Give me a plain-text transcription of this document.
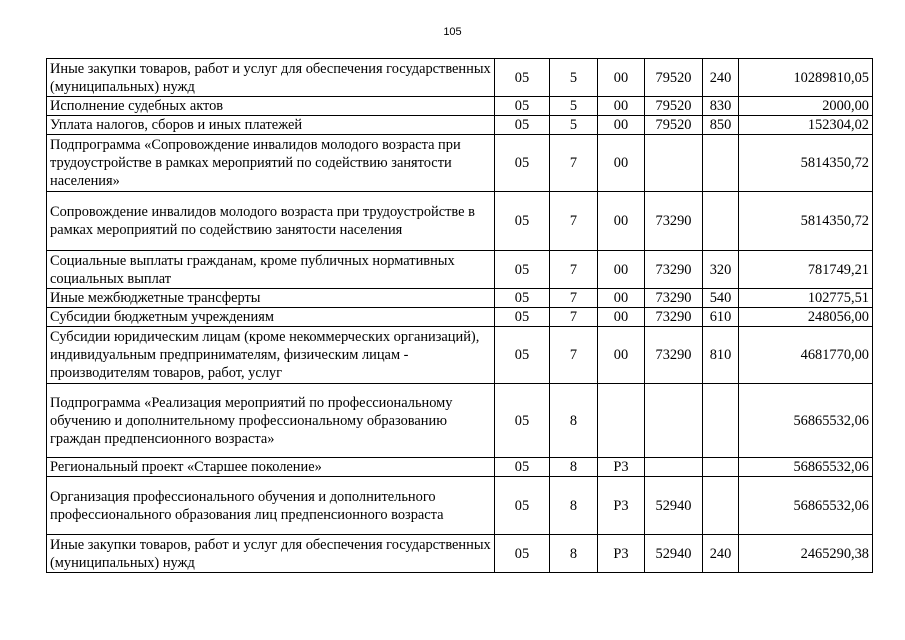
105
Иные закупки товаров, работ и услуг для обеспечения государственных (муниципальных) нужд	05	5	00	79520	240	10289810,05
Исполнение судебных актов	05	5	00	79520	830	2000,00
Уплата налогов, сборов и иных платежей	05	5	00	79520	850	152304,02
Подпрограмма «Сопровождение инвалидов молодого возраста при трудоустройстве в рамках мероприятий по содействию занятости населения»	05	7	00			5814350,72
Сопровождение инвалидов молодого возраста при трудоустройстве в рамках мероприятий по содействию занятости населения	05	7	00	73290		5814350,72
Социальные выплаты гражданам, кроме публичных нормативных социальных выплат	05	7	00	73290	320	781749,21
Иные межбюджетные трансферты	05	7	00	73290	540	102775,51
Субсидии бюджетным учреждениям	05	7	00	73290	610	248056,00
Субсидии юридическим лицам (кроме некоммерческих организаций), индивидуальным предпринимателям, физическим лицам - производителям товаров, работ, услуг	05	7	00	73290	810	4681770,00
Подпрограмма «Реализация мероприятий по профессиональному обучению и дополнительному профессиональному образованию граждан предпенсионного возраста»	05	8				56865532,06
Региональный проект «Старшее поколение»	05	8	P3			56865532,06
Организация профессионального обучения и дополнительного профессионального образования лиц предпенсионного возраста	05	8	P3	52940		56865532,06
Иные закупки товаров, работ и услуг для обеспечения государственных (муниципальных) нужд	05	8	P3	52940	240	2465290,38
